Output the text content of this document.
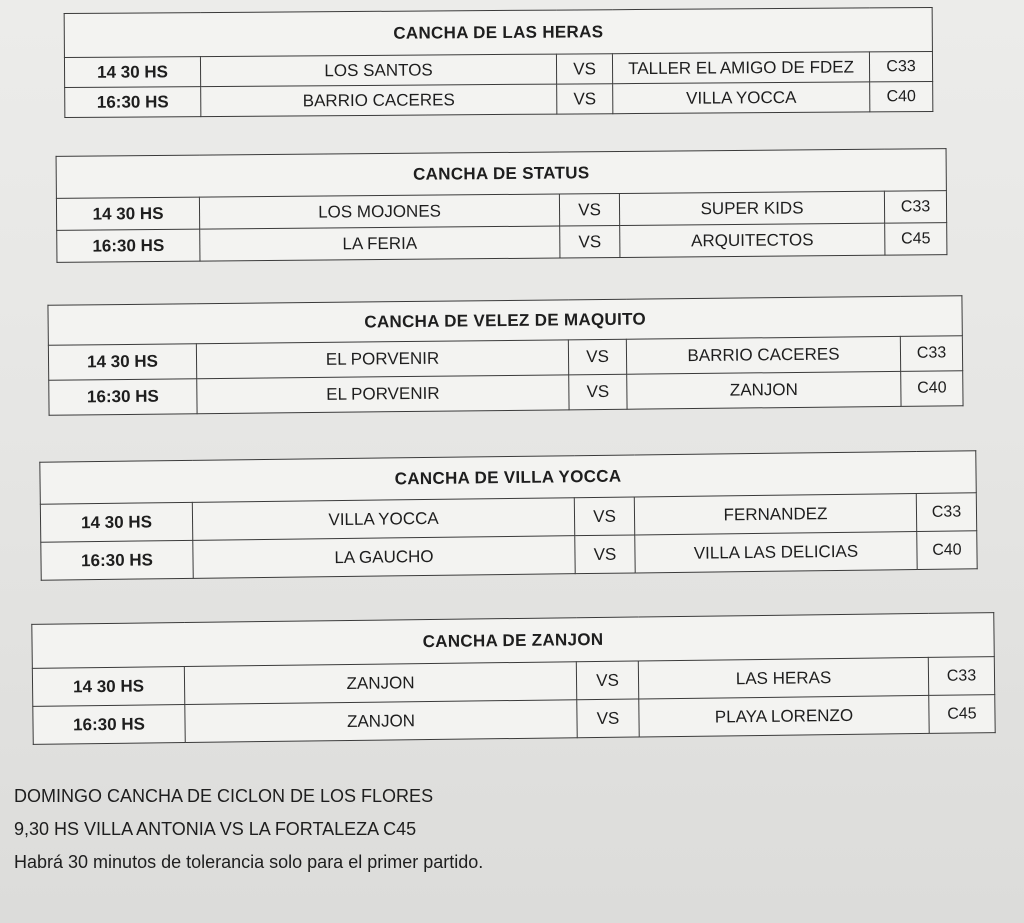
CANCHA DE LAS HERAS				
14 30 HS	LOS SANTOS	VS	TALLER EL AMIGO DE FDEZ	C33
16:30 HS	BARRIO CACERES	VS	VILLA YOCCA	C40
CANCHA DE STATUS				
14 30 HS	LOS MOJONES	VS	SUPER KIDS	C33
16:30 HS	LA FERIA	VS	ARQUITECTOS	C45
CANCHA DE VELEZ DE MAQUITO				
14 30 HS	EL PORVENIR	VS	BARRIO CACERES	C33
16:30 HS	EL PORVENIR	VS	ZANJON	C40
CANCHA DE VILLA YOCCA				
14 30 HS	VILLA YOCCA	VS	FERNANDEZ	C33
16:30 HS	LA GAUCHO	VS	VILLA LAS DELICIAS	C40
CANCHA DE ZANJON				
14 30 HS	ZANJON	VS	LAS HERAS	C33
16:30 HS	ZANJON	VS	PLAYA LORENZO	C45
DOMINGO CANCHA DE CICLON DE LOS FLORES
9,30 HS VILLA ANTONIA VS LA FORTALEZA C45
Habrá 30 minutos de tolerancia solo para el primer partido.
